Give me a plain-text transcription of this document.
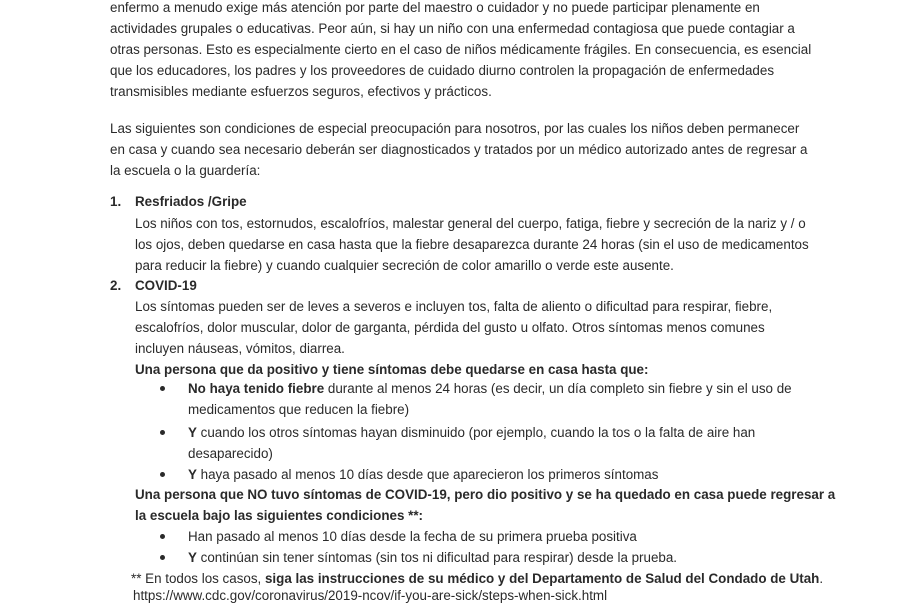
enfermo a menudo exige más atención por parte del maestro o cuidador y no puede participar plenamente en
actividades grupales o educativas. Peor aún, si hay un niño con una enfermedad contagiosa que puede contagiar a
otras personas. Esto es especialmente cierto en el caso de niños médicamente frágiles. En consecuencia, es esencial
que los educadores, los padres y los proveedores de cuidado diurno controlen la propagación de enfermedades
transmisibles mediante esfuerzos seguros, efectivos y prácticos.
Las siguientes son condiciones de especial preocupación para nosotros, por las cuales los niños deben permanecer
en casa y cuando sea necesario deberán ser diagnosticados y tratados por un médico autorizado antes de regresar a
la escuela o la guardería:
1. Resfriados /Gripe
Los niños con tos, estornudos, escalofríos, malestar general del cuerpo, fatiga, fiebre y secreción de la nariz y / o
los ojos, deben quedarse en casa hasta que la fiebre desaparezca durante 24 horas (sin el uso de medicamentos
para reducir la fiebre) y cuando cualquier secreción de color amarillo o verde este ausente.
2. COVID-19
Los síntomas pueden ser de leves a severos e incluyen tos, falta de aliento o dificultad para respirar, fiebre,
escalofríos, dolor muscular, dolor de garganta, pérdida del gusto u olfato. Otros síntomas menos comunes
incluyen náuseas, vómitos, diarrea.
Una persona que da positivo y tiene síntomas debe quedarse en casa hasta que:
No haya tenido fiebre durante al menos 24 horas (es decir, un día completo sin fiebre y sin el uso de
medicamentos que reducen la fiebre)
Y cuando los otros síntomas hayan disminuido (por ejemplo, cuando la tos o la falta de aire han
desaparecido)
Y haya pasado al menos 10 días desde que aparecieron los primeros síntomas
Una persona que NO tuvo síntomas de COVID-19, pero dio positivo y se ha quedado en casa puede regresar a
la escuela bajo las siguientes condiciones **:
Han pasado al menos 10 días desde la fecha de su primera prueba positiva
Y continúan sin tener síntomas (sin tos ni dificultad para respirar) desde la prueba.
** En todos los casos, siga las instrucciones de su médico y del Departamento de Salud del Condado de Utah.
https://www.cdc.gov/coronavirus/2019-ncov/if-you-are-sick/steps-when-sick.html
